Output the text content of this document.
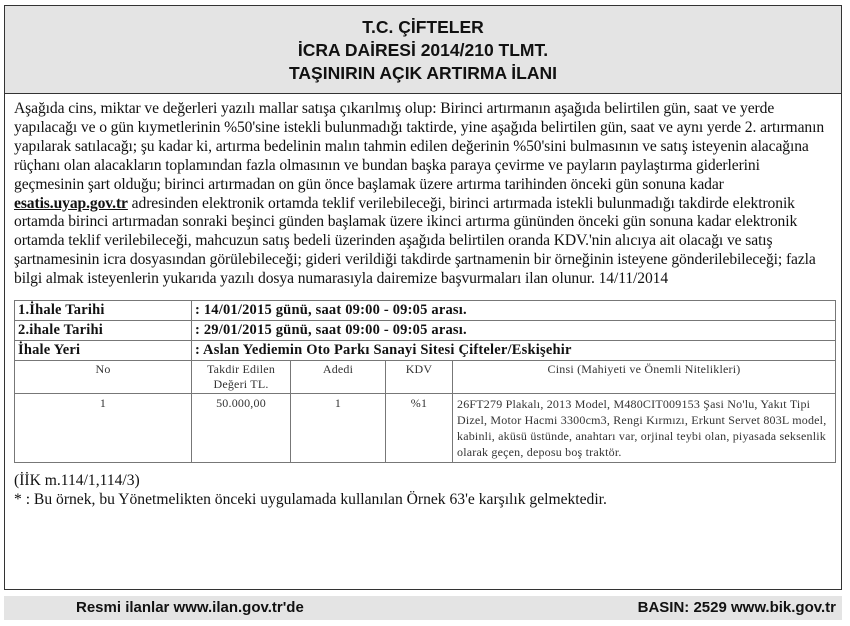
T.C. ÇİFTELER
İCRA DAİRESİ 2014/210 TLMT.
TAŞINIRIN AÇIK ARTIRMA İLANI
Aşağıda cins, miktar ve değerleri yazılı mallar satışa çıkarılmış olup: Birinci artırmanın aşağıda belirtilen gün, saat ve yerde yapılacağı ve o gün kıymetlerinin %50'sine istekli bulunmadığı taktirde, yine aşağıda belirtilen gün, saat ve aynı yerde 2. artırmanın yapılarak satılacağı; şu kadar ki, artırma bedelinin malın tahmin edilen değerinin %50'sini bulmasının ve satış isteyenin alacağına rüçhanı olan alacakların toplamından fazla olmasının ve bundan başka paraya çevirme ve payların paylaştırma giderlerini geçmesinin şart olduğu; birinci artırmadan on gün önce başlamak üzere artırma tarihinden önceki gün sonuna kadar esatis.uyap.gov.tr adresinden elektronik ortamda teklif verilebileceği, birinci artırmada istekli bulunmadığı takdirde elektronik ortamda birinci artırmadan sonraki beşinci günden başlamak üzere ikinci artırma gününden önceki gün sonuna kadar elektronik ortamda teklif verilebileceği, mahcuzun satış bedeli üzerinden aşağıda belirtilen oranda KDV.'nin alıcıya ait olacağı ve satış şartnamesinin icra dosyasından görülebileceği; gideri verildiği takdirde şartnamenin bir örneğinin isteyene gönderilebileceği; fazla bilgi almak isteyenlerin yukarıda yazılı dosya numarasıyla dairemize başvurmaları ilan olunur. 14/11/2014
1.İhale Tarihi	: 14/01/2015 günü, saat 09:00 - 09:05 arası.			
2.ihale Tarihi	: 29/01/2015 günü, saat 09:00 - 09:05 arası.			
İhale Yeri	: Aslan Yediemin Oto Parkı Sanayi Sitesi Çifteler/Eskişehir			
No	Takdir Edilen Değeri TL.	Adedi	KDV	Cinsi (Mahiyeti ve Önemli Nitelikleri)
1	50.000,00	1	%1	26FT279 Plakalı, 2013 Model, M480CIT009153 Şasi No'lu, Yakıt Tipi Dizel, Motor Hacmi 3300cm3, Rengi Kırmızı, Erkunt Servet 803L model, kabinli, aküsü üstünde, anahtarı var, orjinal teybi olan, piyasada seksenlik olarak geçen, deposu boş traktör.
(İİK m.114/1,114/3)
* : Bu örnek, bu Yönetmelikten önceki uygulamada kullanılan Örnek 63'e karşılık gelmektedir.
Resmi ilanlar www.ilan.gov.tr'de	BASIN: 2529 www.bik.gov.tr
